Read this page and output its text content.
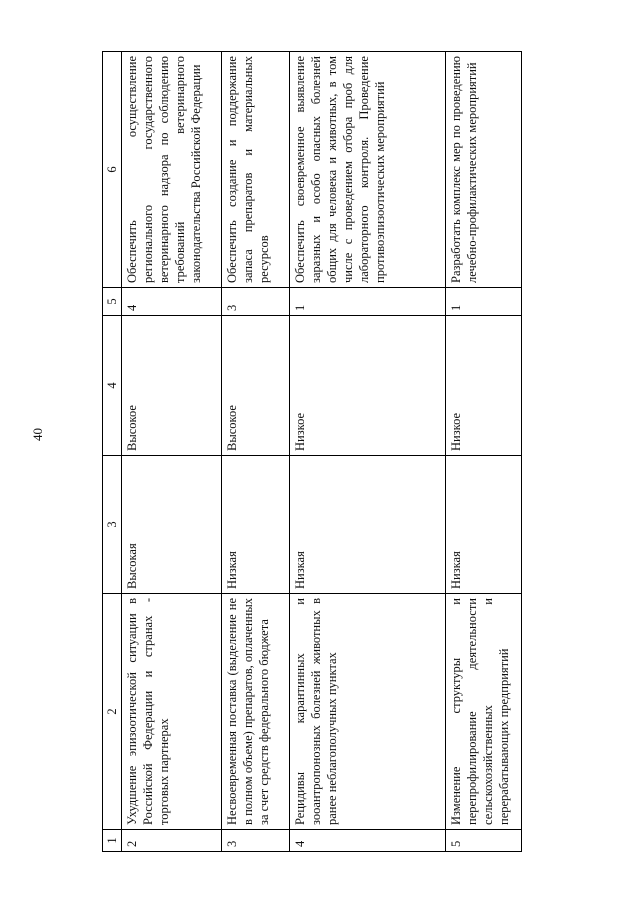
40
1	2	3	4	5	6
2	Ухудшение эпизоотической ситуации в Российской Федерации и странах - торговых партнерах	Высокая	Высокое	4	Обеспечить осуществление регионального государственного ветеринарного надзора по соблюдению требований ветеринарного законодательства Российской Федерации
3	Несвоевременная поставка (выделение не в полном объеме) препаратов, оплаченных за счет средств федерального бюджета	Низкая	Высокое	3	Обеспечить создание и поддержание запаса препаратов и материальных ресурсов
4	Рецидивы карантинных и зооантропонозных болезней животных в ранее неблагополучных пунктах	Низкая	Низкое	1	Обеспечить своевременное выявление заразных и особо опасных болезней общих для человека и животных, в том числе с проведением отбора проб для лабораторного контроля. Проведение противоэпизоотических мероприятий
5	Изменение структуры и перепрофилирование деятельности сельскохозяйственных и перерабатывающих предприятий	Низкая	Низкое	1	Разработать комплекс мер по проведению лечебно-профилактических мероприятий
